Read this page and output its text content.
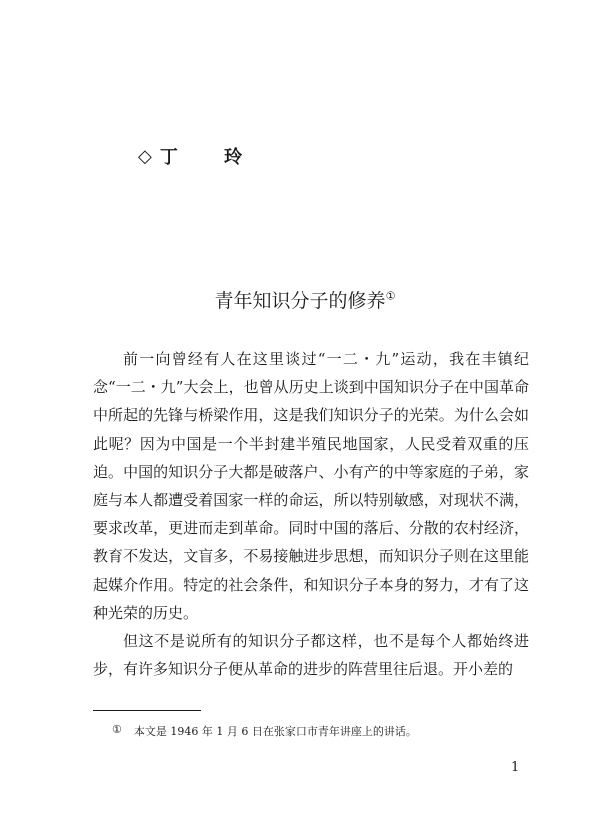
◇ 丁 玲
青年知识分子的修养①

前一向曾经有人在这里谈过“一二・九”运动，我在丰镇纪念“一二・九”大会上，也曾从历史上谈到中国知识分子在中国革命中所起的先锋与桥梁作用，这是我们知识分子的光荣。为什么会如此呢？因为中国是一个半封建半殖民地国家，人民受着双重的压迫。中国的知识分子大都是破落户、小有产的中等家庭的子弟，家庭与本人都遭受着国家一样的命运，所以特别敏感，对现状不满，要求改革，更进而走到革命。同时中国的落后、分散的农村经济，教育不发达，文盲多，不易接触进步思想，而知识分子则在这里能起媒介作用。特定的社会条件，和知识分子本身的努力，才有了这种光荣的历史。

但这不是说所有的知识分子都这样，也不是每个人都始终进步，有许多知识分子便从革命的进步的阵营里往后退。开小差的

① 本文是 1946 年 1 月 6 日在张家口市青年讲座上的讲话。
1
